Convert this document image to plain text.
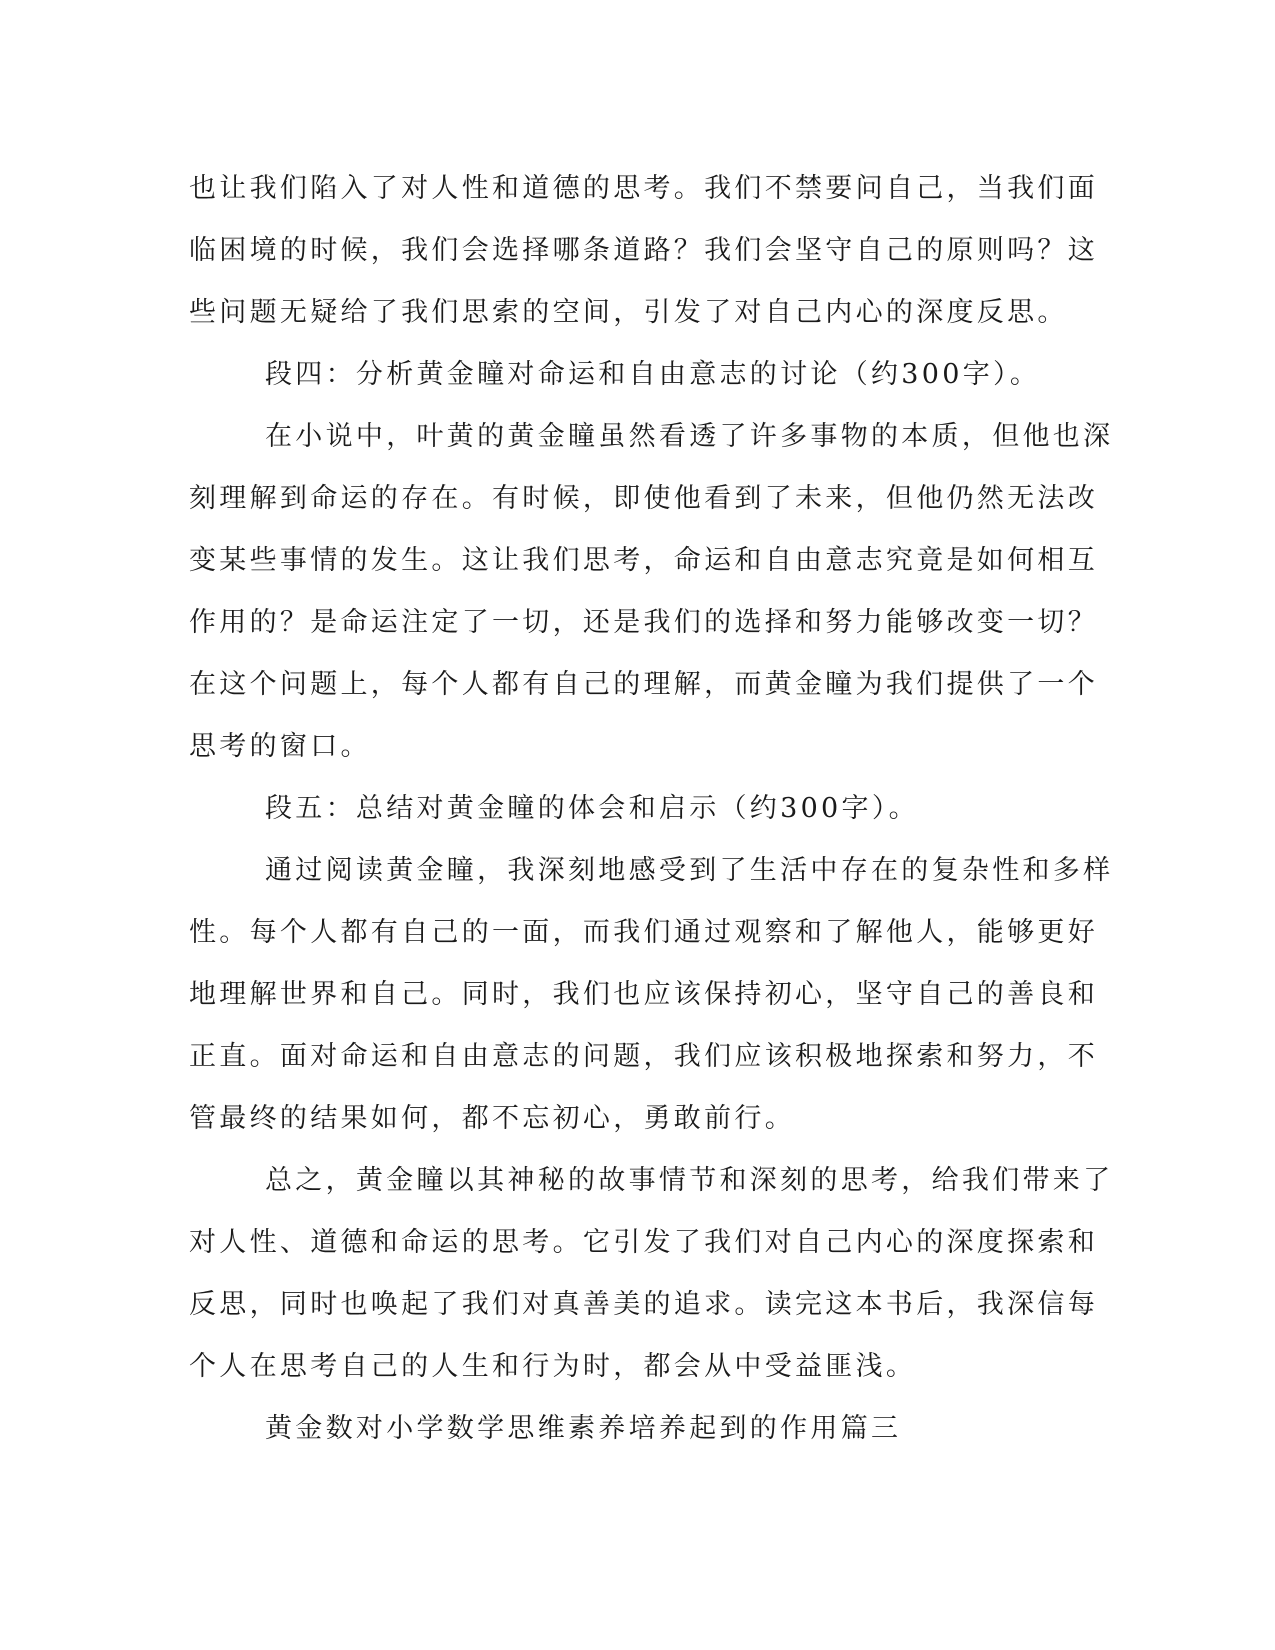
也让我们陷入了对人性和道德的思考。我们不禁要问自己，当我们面
临困境的时候，我们会选择哪条道路？我们会坚守自己的原则吗？这
些问题无疑给了我们思索的空间，引发了对自己内心的深度反思。
段四：分析黄金瞳对命运和自由意志的讨论（约300字）。
在小说中，叶黄的黄金瞳虽然看透了许多事物的本质，但他也深
刻理解到命运的存在。有时候，即使他看到了未来，但他仍然无法改
变某些事情的发生。这让我们思考，命运和自由意志究竟是如何相互
作用的？是命运注定了一切，还是我们的选择和努力能够改变一切？
在这个问题上，每个人都有自己的理解，而黄金瞳为我们提供了一个
思考的窗口。
段五：总结对黄金瞳的体会和启示（约300字）。
通过阅读黄金瞳，我深刻地感受到了生活中存在的复杂性和多样
性。每个人都有自己的一面，而我们通过观察和了解他人，能够更好
地理解世界和自己。同时，我们也应该保持初心，坚守自己的善良和
正直。面对命运和自由意志的问题，我们应该积极地探索和努力，不
管最终的结果如何，都不忘初心，勇敢前行。
总之，黄金瞳以其神秘的故事情节和深刻的思考，给我们带来了
对人性、道德和命运的思考。它引发了我们对自己内心的深度探索和
反思，同时也唤起了我们对真善美的追求。读完这本书后，我深信每
个人在思考自己的人生和行为时，都会从中受益匪浅。
黄金数对小学数学思维素养培养起到的作用篇三
